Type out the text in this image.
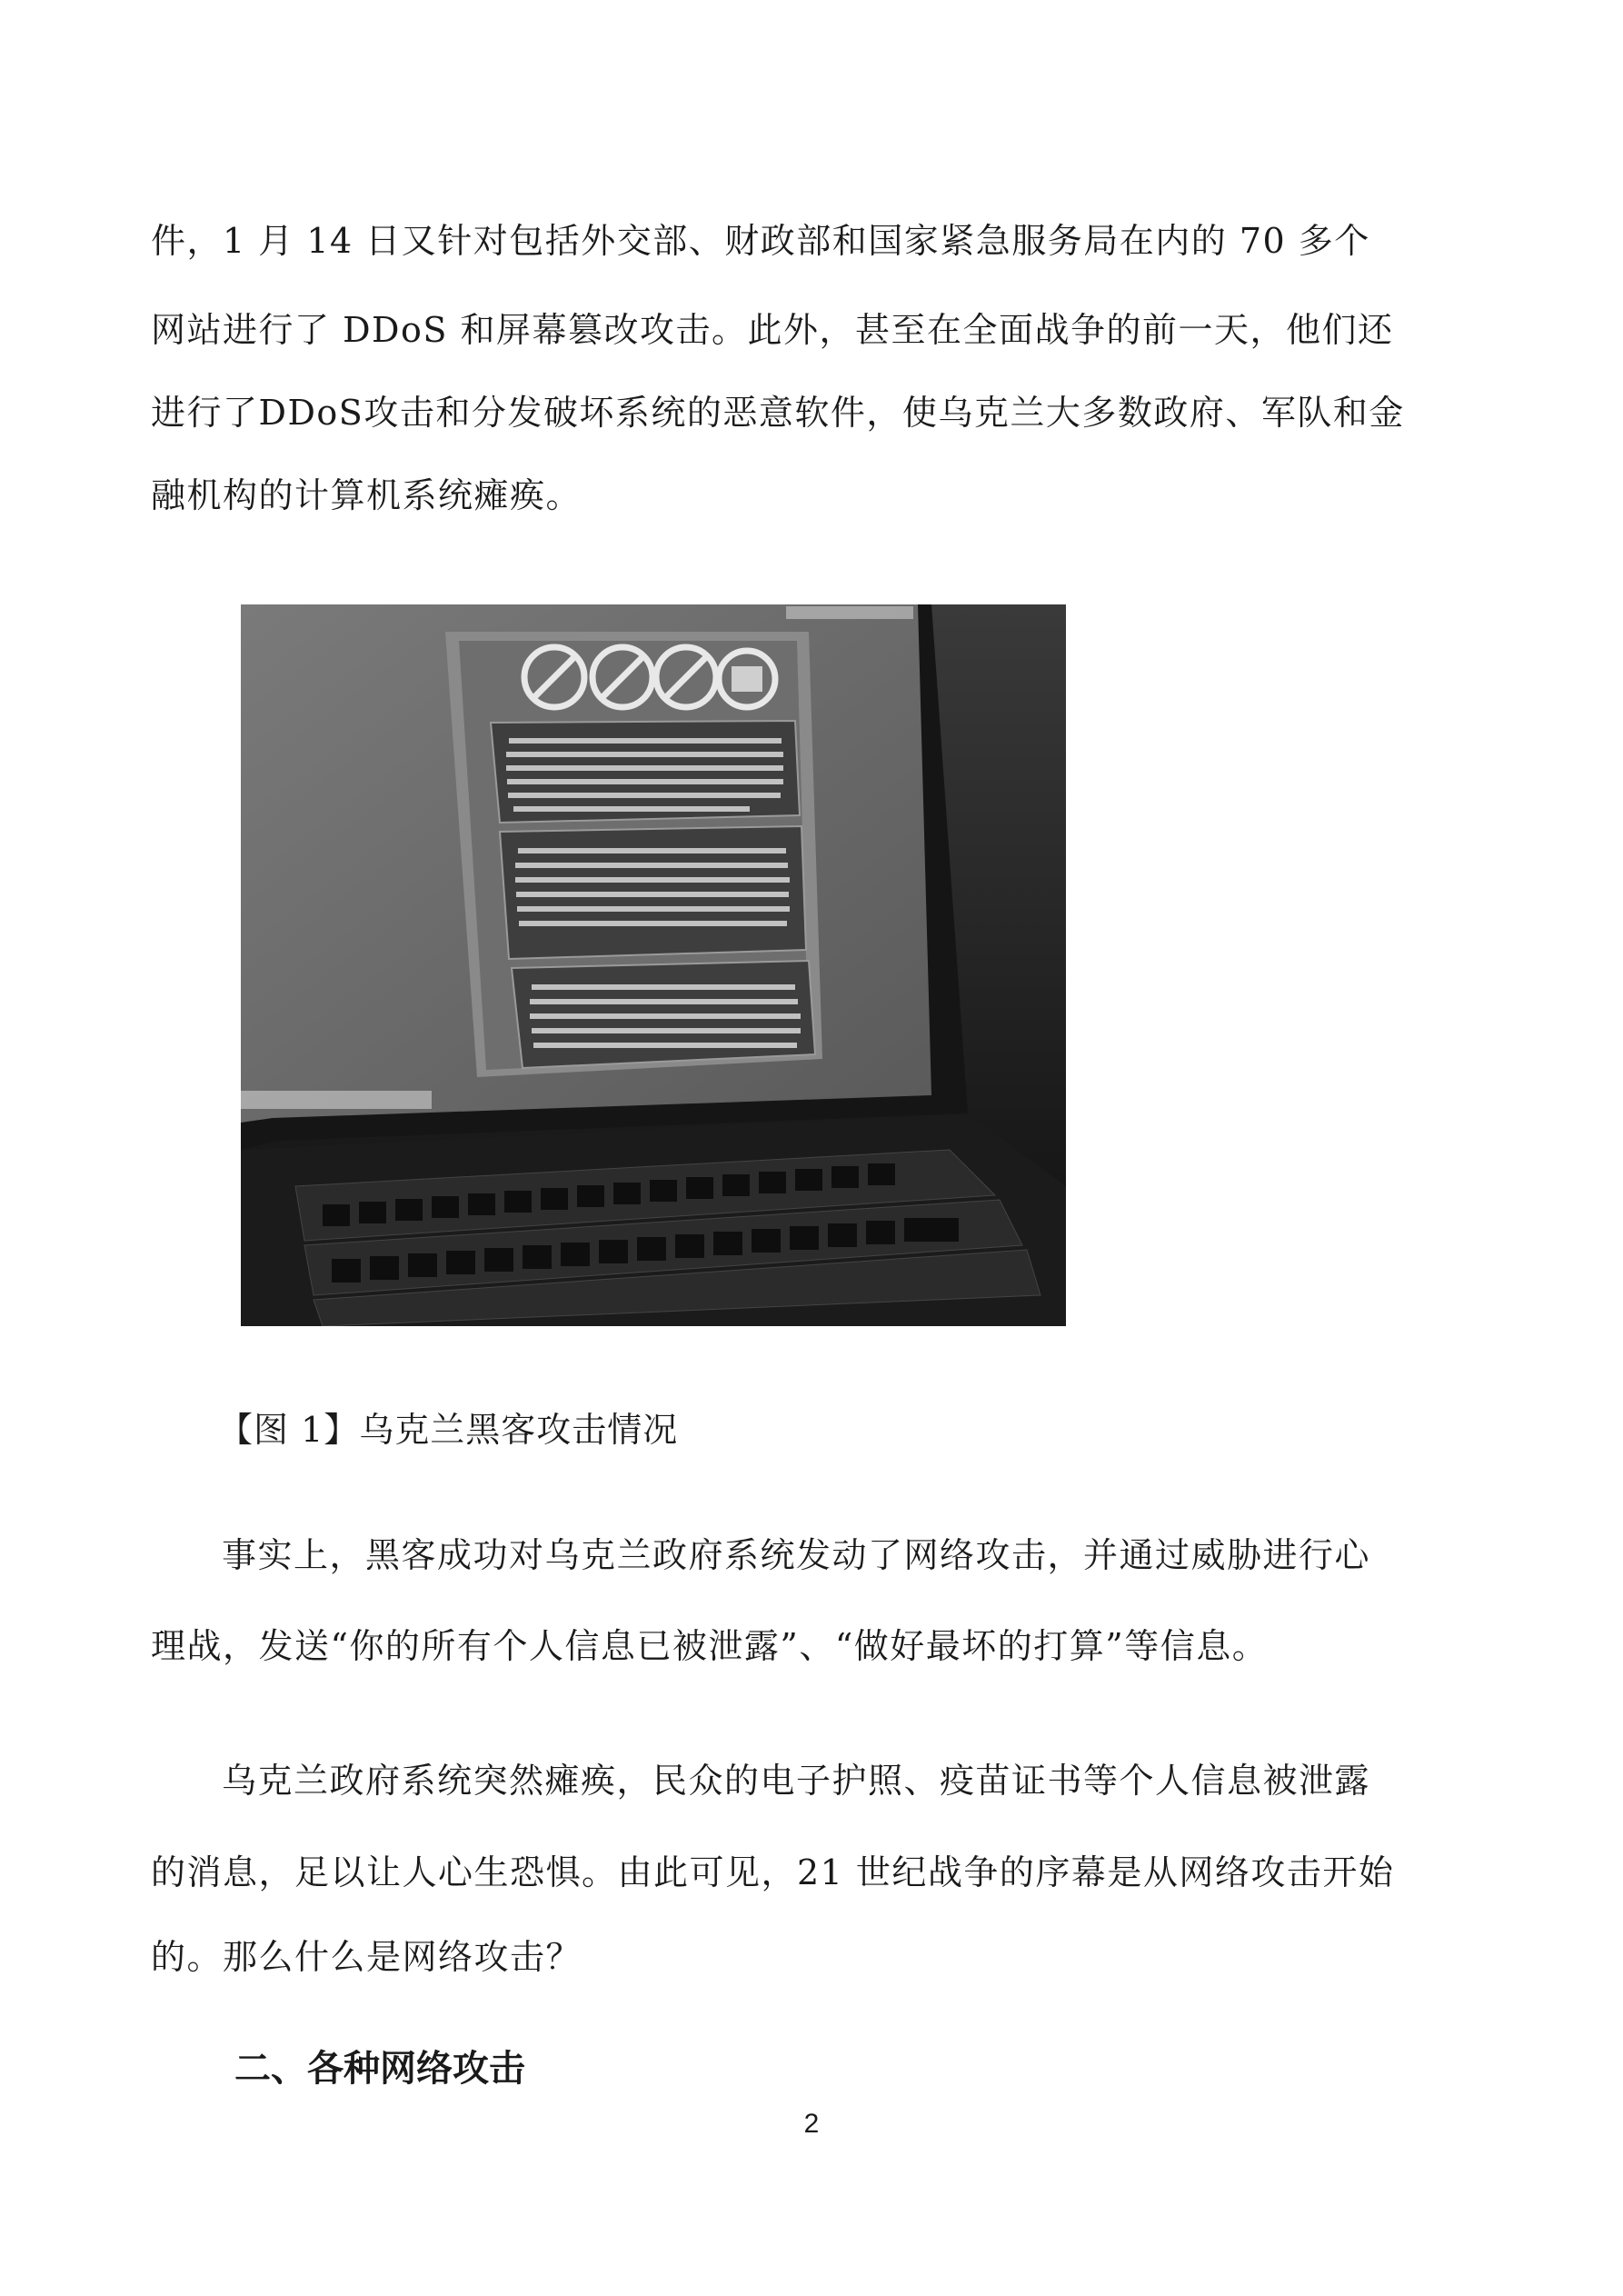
件，1 月 14 日又针对包括外交部、财政部和国家紧急服务局在内的 70 多个
网站进行了 DDoS 和屏幕篡改攻击。此外，甚至在全面战争的前一天，他们还
进行了DDoS攻击和分发破坏系统的恶意软件，使乌克兰大多数政府、军队和金
融机构的计算机系统瘫痪。
【图 1】乌克兰黑客攻击情况
事实上，黑客成功对乌克兰政府系统发动了网络攻击，并通过威胁进行心
理战，发送“你的所有个人信息已被泄露”、“做好最坏的打算”等信息。
乌克兰政府系统突然瘫痪，民众的电子护照、疫苗证书等个人信息被泄露
的消息，足以让人心生恐惧。由此可见，21 世纪战争的序幕是从网络攻击开始
的。那么什么是网络攻击？
二、各种网络攻击
2
